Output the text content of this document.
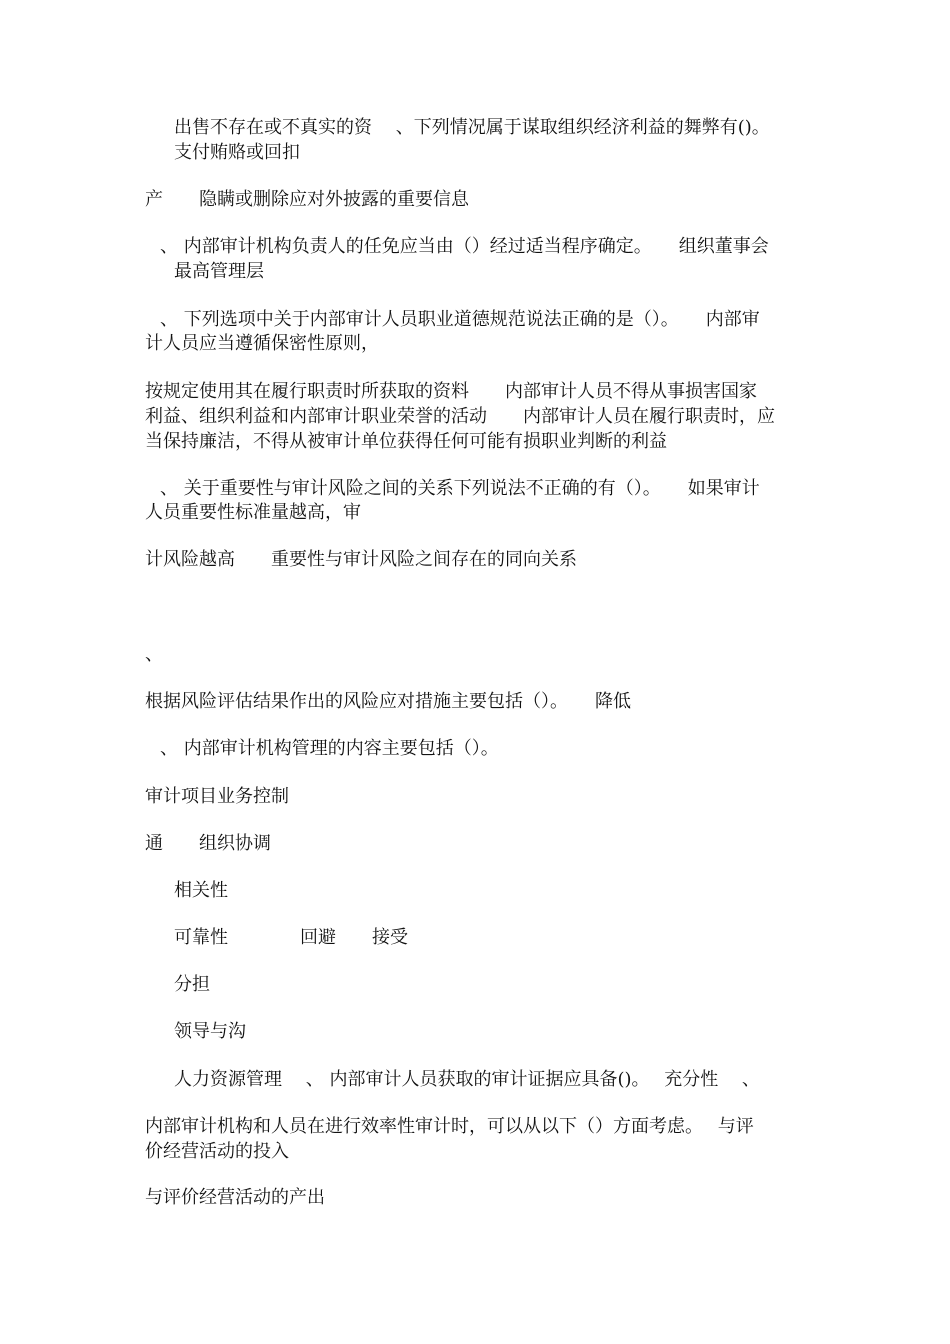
出售不存在或不真实的资　 、下列情况属于谋取组织经济利益的舞弊有()。
支付贿赂或回扣
产　　隐瞒或删除应对外披露的重要信息
、 内部审计机构负责人的任免应当由（）经过适当程序确定。　　组织董事会
最高管理层
、 下列选项中关于内部审计人员职业道德规范说法正确的是（）。　　内部审
计人员应当遵循保密性原则，
按规定使用其在履行职责时所获取的资料　　内部审计人员不得从事损害国家
利益、组织利益和内部审计职业荣誉的活动　　内部审计人员在履行职责时，应
当保持廉洁，不得从被审计单位获得任何可能有损职业判断的利益
、 关于重要性与审计风险之间的关系下列说法不正确的有（）。　　如果审计
人员重要性标准量越高，审
计风险越高　　重要性与审计风险之间存在的同向关系
、
根据风险评估结果作出的风险应对措施主要包括（）。　　降低
、 内部审计机构管理的内容主要包括（）。
审计项目业务控制
通　　组织协调
相关性
可靠性　　　　回避　　接受
分担
领导与沟
人力资源管理　 、 内部审计人员获取的审计证据应具备()。　 充分性　 、
内部审计机构和人员在进行效率性审计时，可以从以下（）方面考虑。　 与评
价经营活动的投入
与评价经营活动的产出
